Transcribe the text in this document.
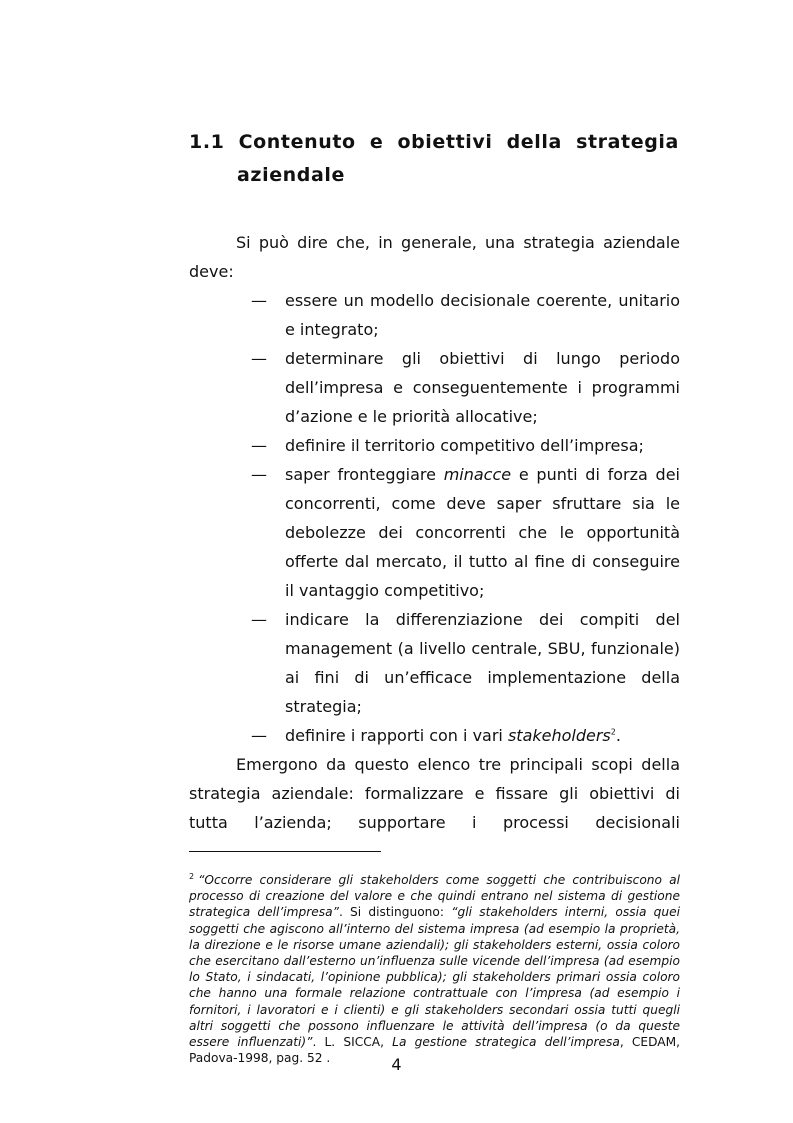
1.1 Contenuto e obiettivi della strategia
aziendale

Si può dire che, in generale, una strategia aziendale deve:

— essere un modello decisionale coerente, unitario e integrato;
— determinare gli obiettivi di lungo periodo dell’impresa e conseguentemente i programmi d’azione e le priorità allocative;
— definire il territorio competitivo dell’impresa;
— saper fronteggiare minacce e punti di forza dei concorrenti, come deve saper sfruttare sia le debolezze dei concorrenti che le opportunità offerte dal mercato, il tutto al fine di conseguire il vantaggio competitivo;
— indicare la differenziazione dei compiti del management (a livello centrale, SBU, funzionale) ai fini di un’efficace implementazione della strategia;
— definire i rapporti con i vari stakeholders$^2$.

Emergono da questo elenco tre principali scopi della strategia aziendale: formalizzare e fissare gli obiettivi di tutta l’azienda; supportare i processi decisionali

$^2$ “Occorre considerare gli stakeholders come soggetti che contribuiscono al processo di creazione del valore e che quindi entrano nel sistema di gestione strategica dell’impresa”. Si distinguono: “gli stakeholders interni, ossia quei soggetti che agiscono all’interno del sistema impresa (ad esempio la proprietà, la direzione e le risorse umane aziendali); gli stakeholders esterni, ossia coloro che esercitano dall’esterno un’influenza sulle vicende dell’impresa (ad esempio lo Stato, i sindacati, l’opinione pubblica); gli stakeholders primari ossia coloro che hanno una formale relazione contrattuale con l’impresa (ad esempio i fornitori, i lavoratori e i clienti) e gli stakeholders secondari ossia tutti quegli altri soggetti che possono influenzare le attività dell’impresa (o da queste essere influenzati)”. L. SICCA, La gestione strategica dell’impresa, CEDAM, Padova-1998, pag. 52 .	4
